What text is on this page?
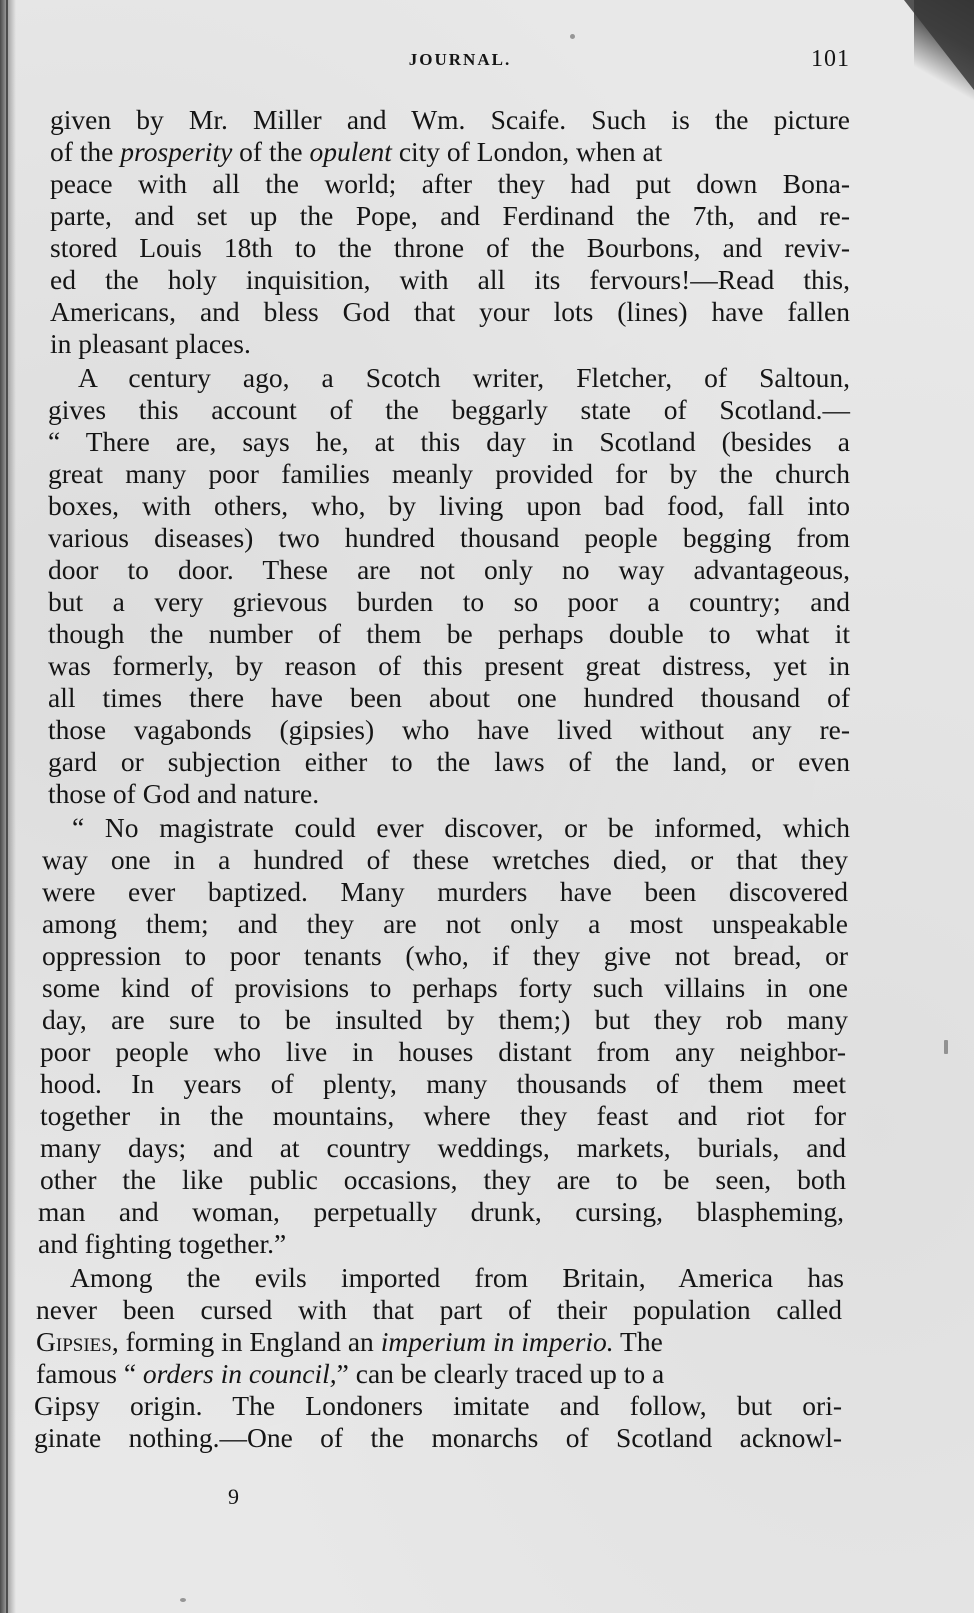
JOURNAL.	101
given by Mr. Miller and Wm. Scaife. Such is the picture
of the prosperity of the opulent city of London, when at
peace with all the world; after they had put down Bona-
parte, and set up the Pope, and Ferdinand the 7th, and re-
stored Louis 18th to the throne of the Bourbons, and reviv-
ed the holy inquisition, with all its fervours!—Read this,
Americans, and bless God that your lots (lines) have fallen
in pleasant places.
A century ago, a Scotch writer, Fletcher, of Saltoun,
gives this account of the beggarly state of Scotland.—
“ There are, says he, at this day in Scotland (besides a
great many poor families meanly provided for by the church
boxes, with others, who, by living upon bad food, fall into
various diseases) two hundred thousand people begging from
door to door. These are not only no way advantageous,
but a very grievous burden to so poor a country; and
though the number of them be perhaps double to what it
was formerly, by reason of this present great distress, yet in
all times there have been about one hundred thousand of
those vagabonds (gipsies) who have lived without any re-
gard or subjection either to the laws of the land, or even
those of God and nature.
“ No magistrate could ever discover, or be informed, which
way one in a hundred of these wretches died, or that they
were ever baptized. Many murders have been discovered
among them; and they are not only a most unspeakable
oppression to poor tenants (who, if they give not bread, or
some kind of provisions to perhaps forty such villains in one
day, are sure to be insulted by them;) but they rob many
poor people who live in houses distant from any neighbor-
hood. In years of plenty, many thousands of them meet
together in the mountains, where they feast and riot for
many days; and at country weddings, markets, burials, and
other the like public occasions, they are to be seen, both
man and woman, perpetually drunk, cursing, blaspheming,
and fighting together.”
Among the evils imported from Britain, America has
never been cursed with that part of their population called
Gipsies, forming in England an imperium in imperio. The
famous “ orders in council,” can be clearly traced up to a
Gipsy origin. The Londoners imitate and follow, but ori-
ginate nothing.—One of the monarchs of Scotland acknowl-
9
